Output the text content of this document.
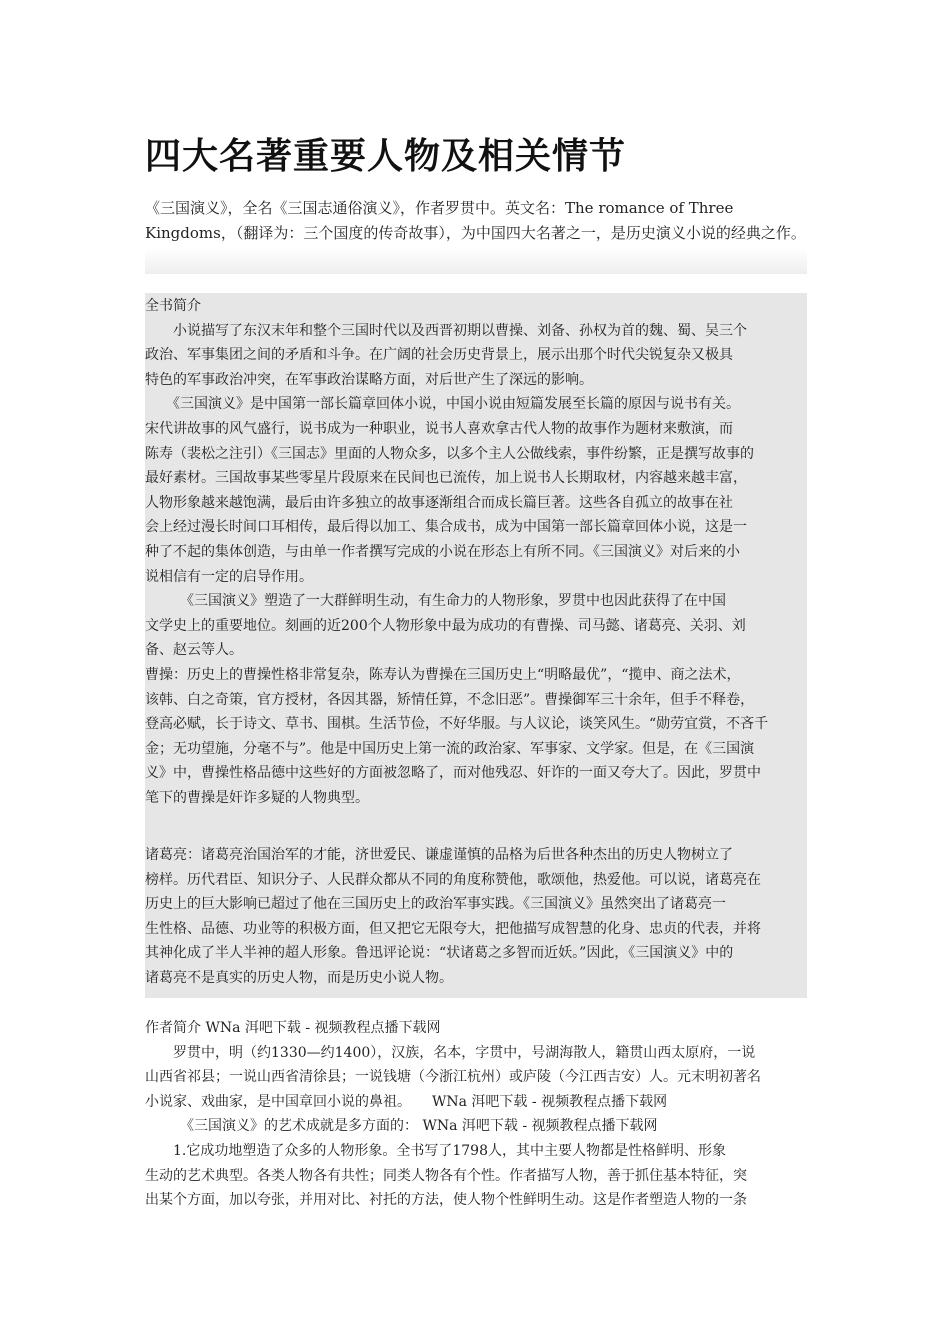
四大名著重要人物及相关情节
《三国演义》，全名《三国志通俗演义》，作者罗贯中。英文名：The romance of Three
Kingdoms，（翻译为：三个国度的传奇故事），为中国四大名著之一，是历史演义小说的经典之作。
全书简介
　　小说描写了东汉末年和整个三国时代以及西晋初期以曹操、刘备、孙权为首的魏、蜀、吴三个
政治、军事集团之间的矛盾和斗争。在广阔的社会历史背景上，展示出那个时代尖锐复杂又极具
特色的军事政治冲突，在军事政治谋略方面，对后世产生了深远的影响。
　　《三国演义》是中国第一部长篇章回体小说，中国小说由短篇发展至长篇的原因与说书有关。
宋代讲故事的风气盛行，说书成为一种职业，说书人喜欢拿古代人物的故事作为题材来敷演，而
陈寿（裴松之注引）《三国志》里面的人物众多，以多个主人公做线索，事件纷繁，正是撰写故事的
最好素材。三国故事某些零星片段原来在民间也已流传，加上说书人长期取材，内容越来越丰富，
人物形象越来越饱满，最后由许多独立的故事逐渐组合而成长篇巨著。这些各自孤立的故事在社
会上经过漫长时间口耳相传，最后得以加工、集合成书，成为中国第一部长篇章回体小说，这是一
种了不起的集体创造，与由单一作者撰写完成的小说在形态上有所不同。《三国演义》对后来的小
说相信有一定的启导作用。
　　　《三国演义》塑造了一大群鲜明生动，有生命力的人物形象，罗贯中也因此获得了在中国
文学史上的重要地位。刻画的近200个人物形象中最为成功的有曹操、司马懿、诸葛亮、关羽、刘
备、赵云等人。
曹操：历史上的曹操性格非常复杂，陈寿认为曹操在三国历史上“明略最优”，“揽申、商之法术，
该韩、白之奇策，官方授材，各因其器，矫情任算，不念旧恶”。曹操御军三十余年，但手不释卷，
登高必赋，长于诗文、草书、围棋。生活节俭，不好华服。与人议论，谈笑风生。“勋劳宜赏，不吝千
金；无功望施，分毫不与”。他是中国历史上第一流的政治家、军事家、文学家。但是，在《三国演
义》中，曹操性格品德中这些好的方面被忽略了，而对他残忍、奸诈的一面又夸大了。因此，罗贯中
笔下的曹操是奸诈多疑的人物典型。
诸葛亮：诸葛亮治国治军的才能，济世爱民、谦虚谨慎的品格为后世各种杰出的历史人物树立了
榜样。历代君臣、知识分子、人民群众都从不同的角度称赞他，歌颂他，热爱他。可以说，诸葛亮在
历史上的巨大影响已超过了他在三国历史上的政治军事实践。《三国演义》虽然突出了诸葛亮一
生性格、品德、功业等的积极方面，但又把它无限夸大，把他描写成智慧的化身、忠贞的代表，并将
其神化成了半人半神的超人形象。鲁迅评论说：“状诸葛之多智而近妖。”因此，《三国演义》中的
诸葛亮不是真实的历史人物，而是历史小说人物。
作者简介 WNa 洱吧下载 - 视频教程点播下载网
　　罗贯中，明（约1330—约1400），汉族，名本，字贯中，号湖海散人，籍贯山西太原府，一说
山西省祁县；一说山西省清徐县；一说钱塘（今浙江杭州）或庐陵（今江西吉安）人。元末明初著名
小说家、戏曲家，是中国章回小说的鼻祖。　　WNa 洱吧下载 - 视频教程点播下载网
　　　《三国演义》的艺术成就是多方面的： WNa 洱吧下载 - 视频教程点播下载网
　　1.它成功地塑造了众多的人物形象。全书写了1798人，其中主要人物都是性格鲜明、形象
生动的艺术典型。各类人物各有共性；同类人物各有个性。作者描写人物，善于抓住基本特征，突
出某个方面，加以夸张，并用对比、衬托的方法，使人物个性鲜明生动。这是作者塑造人物的一条
